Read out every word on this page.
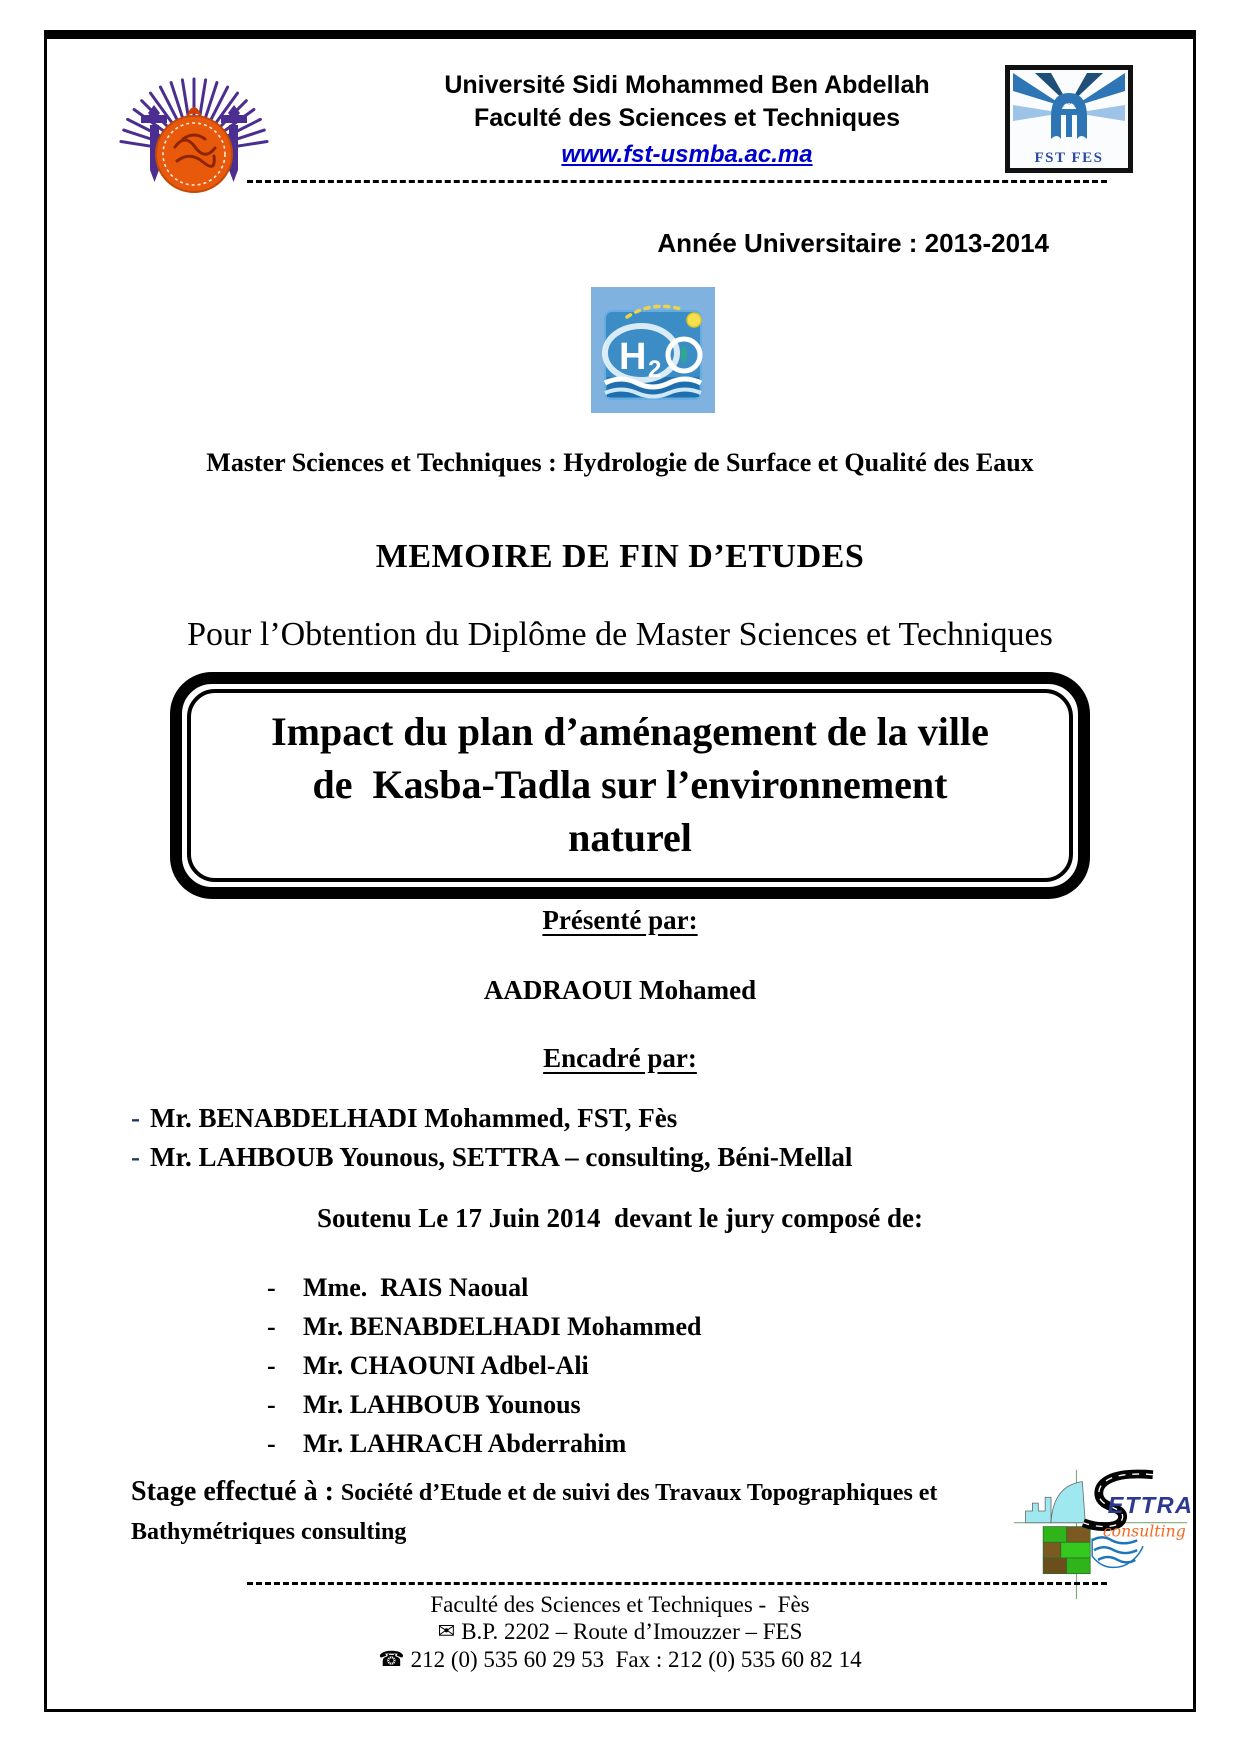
Université Sidi Mohammed Ben Abdellah
Faculté des Sciences et Techniques
www.fst-usmba.ac.ma	FST FES
Année Universitaire : 2013-2014
H 2
Master Sciences et Techniques : Hydrologie de Surface et Qualité des Eaux
MEMOIRE DE FIN D’ETUDES
Pour l’Obtention du Diplôme de Master Sciences et Techniques
Impact du plan d’aménagement de la ville
de  Kasba-Tadla sur l’environnement
naturel
Présenté par:
AADRAOUI Mohamed
Encadré par:
- Mr. BENABDELHADI Mohammed, FST, Fès
- Mr. LAHBOUB Younous, SETTRA – consulting, Béni-Mellal
Soutenu Le 17 Juin 2014  devant le jury composé de:
-	Mme.  RAIS Naoual
-	Mr. BENABDELHADI Mohammed
-	Mr. CHAOUNI Adbel-Ali
-	Mr. LAHBOUB Younous
-	Mr. LAHRACH Abderrahim
Stage effectué à : Société d’Etude et de suivi des Travaux Topographiques et Bathymétriques consulting
ETTRA
consulting
Faculté des Sciences et Techniques -  Fès
✉ B.P. 2202 – Route d’Imouzzer – FES
☎ 212 (0) 535 60 29 53  Fax : 212 (0) 535 60 82 14
